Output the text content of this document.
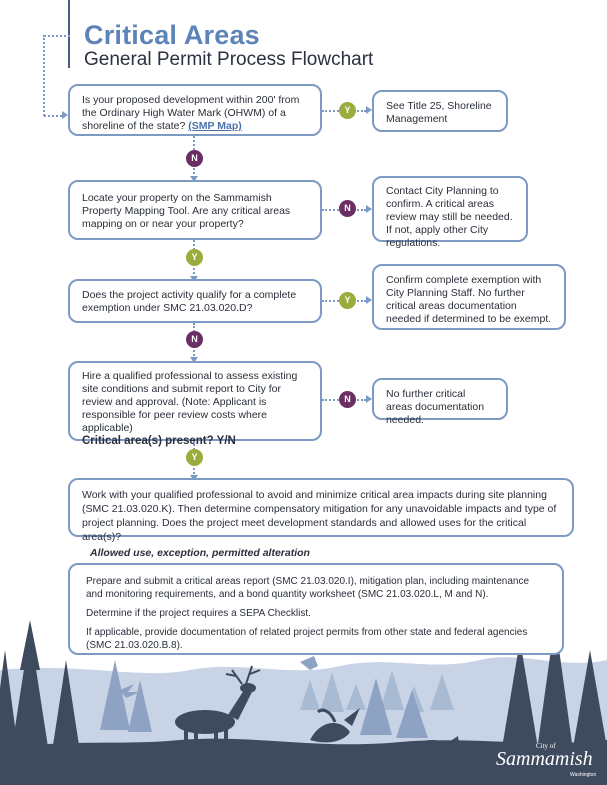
Critical Areas
General Permit Process Flowchart
Is your proposed development within 200' from the Ordinary High Water Mark (OHWM) of a shoreline of the state? (SMP Map)
Y	See Title 25, Shoreline Management
N
Locate your property on the Sammamish Property Mapping Tool. Are any critical areas mapping on or near your property?
N
Contact City Planning to confirm. A critical areas review may still be needed. If not, apply other City regulations.
Y
Does the project activity qualify for a complete exemption under SMC 21.03.020.D?
Y
Confirm complete exemption with City Planning Staff. No further critical areas documentation needed if determined to be exempt.
N
Hire a qualified professional to assess existing site conditions and submit report to City for review and approval. (Note: Applicant is responsible for peer review costs where applicable)
Critical area(s) present? Y/N
N	No further critical areas documentation needed.
Y
Work with your qualified professional to avoid and minimize critical area impacts during site planning (SMC 21.03.020.K). Then determine compensatory mitigation for any unavoidable impacts and type of project planning. Does the project meet development standards and allowed uses for the critical area(s)?
Allowed use, exception, permitted alteration

Prepare and submit a critical areas report (SMC 21.03.020.I), mitigation plan, including maintenance and monitoring requirements, and a bond quantity worksheet (SMC 21.03.020.L, M and N).

Determine if the project requires a SEPA Checklist.

If applicable, provide documentation of related project permits from other state and federal agencies (SMC 21.03.020.B.8).

City of
Sammamish
Washington
